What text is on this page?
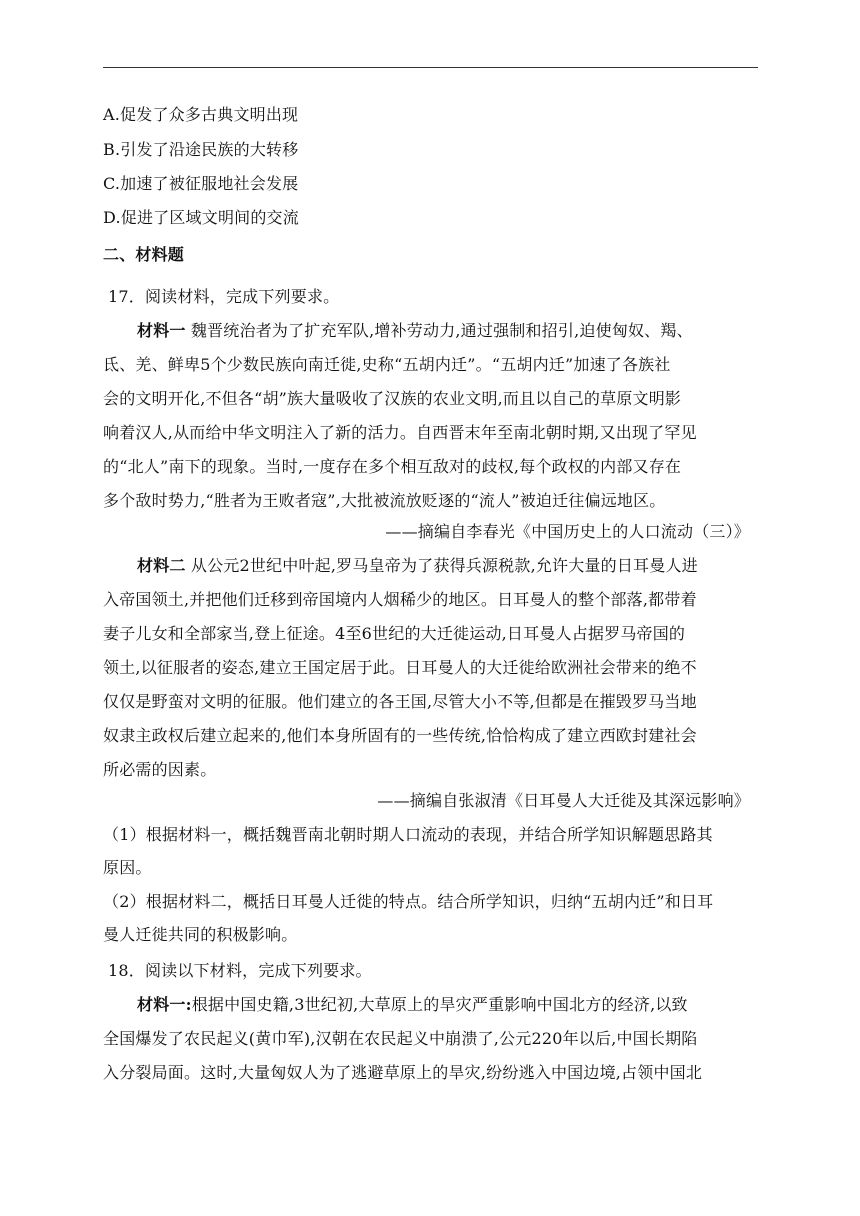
A.促发了众多古典文明出现
B.引发了沿途民族的大转移
C.加速了被征服地社会发展
D.促进了区域文明间的交流
二、材料题
17．阅读材料，完成下列要求。
材料一 魏晋统治者为了扩充军队,增补劳动力,通过强制和招引,迫使匈奴、羯、
氐、羌、鲜卑5个少数民族向南迁徙,史称“五胡内迁”。“五胡内迁”加速了各族社
会的文明开化,不但各“胡”族大量吸收了汉族的农业文明,而且以自己的草原文明影
响着汉人,从而给中华文明注入了新的活力。自西晋末年至南北朝时期,又出现了罕见
的“北人”南下的现象。当时,一度存在多个相互敌对的歧权,每个政权的内部又存在
多个敌时势力,“胜者为王败者寇”,大批被流放贬逐的“流人”被迫迁往偏远地区。
——摘编自李春光《中国历史上的人口流动（三）》
材料二 从公元2世纪中叶起,罗马皇帝为了获得兵源税款,允许大量的日耳曼人进
入帝国领土,并把他们迁移到帝国境内人烟稀少的地区。日耳曼人的整个部落,都带着
妻子儿女和全部家当,登上征途。4至6世纪的大迁徙运动,日耳曼人占据罗马帝国的
领土,以征服者的姿态,建立王国定居于此。日耳曼人的大迁徙给欧洲社会带来的绝不
仅仅是野蛮对文明的征服。他们建立的各王国,尽管大小不等,但都是在摧毁罗马当地
奴隶主政权后建立起来的,他们本身所固有的一些传统,恰恰构成了建立西欧封建社会
所必需的因素。
——摘编自张淑清《日耳曼人大迁徙及其深远影响》
（1）根据材料一，概括魏晋南北朝时期人口流动的表现，并结合所学知识解题思路其
原因。
（2）根据材料二，概括日耳曼人迁徙的特点。结合所学知识，归纳“五胡内迁”和日耳
曼人迁徙共同的积极影响。
18．阅读以下材料，完成下列要求。
材料一:根据中国史籍,3世纪初,大草原上的旱灾严重影响中国北方的经济,以致
全国爆发了农民起义(黄巾军),汉朝在农民起义中崩溃了,公元220年以后,中国长期陷
入分裂局面。这时,大量匈奴人为了逃避草原上的旱灾,纷纷逃入中国边境,占领中国北
